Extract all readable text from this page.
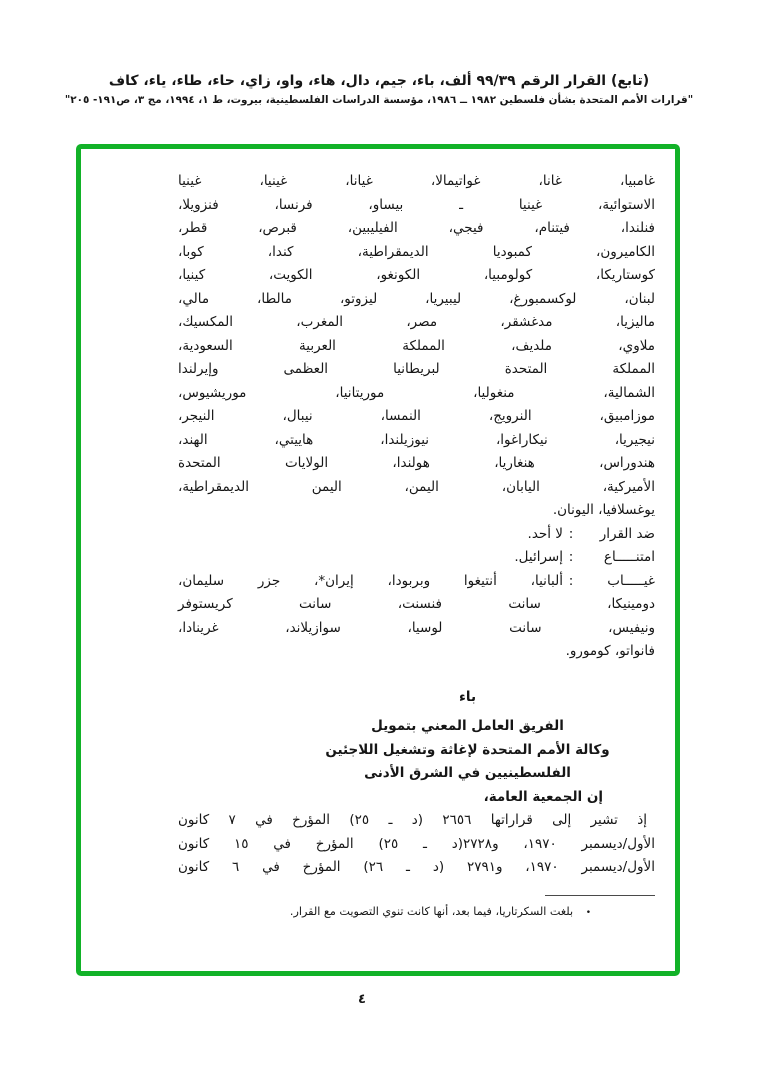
(تابع) القرار الرقم ٩٩/٣٩ ألف، باء، جيم، دال، هاء، واو، زاي، حاء، طاء، ياء، كاف
"قرارات الأمم المتحدة بشأن فلسطين ١٩٨٢ ــ ١٩٨٦، مؤسسة الدراسات الفلسطينية، بيروت، ط ١، ١٩٩٤، مج ٣، ص١٩١- ٢٠٥"
غامبيا، غانا، غواتيمالا، غيانا، غينيا، غينيا
الاستوائية، غينيا ـ بيساو، فرنسا، فنزويلا،
فنلندا، فيتنام، فيجي، الفيليبين، قبرص، قطر،
الكاميرون، كمبوديا الديمقراطية، كندا، كوبا،
كوستاريكا، كولومبيا، الكونغو، الكويت، كينيا،
لبنان، لوكسمبورغ، ليبيريا، ليزوتو، مالطا، مالي،
ماليزيا، مدغشقر، مصر، المغرب، المكسيك،
ملاوي، ملديف، المملكة العربية السعودية،
المملكة المتحدة لبريطانيا العظمى وإيرلندا
الشمالية، منغوليا، موريتانيا، موريشيوس،
موزامبيق، النرويج، النمسا، نيبال، النيجر،
نيجيريا، نيكاراغوا، نيوزيلندا، هاييتي، الهند،
هندوراس، هنغاريا، هولندا، الولايات المتحدة
الأميركية، اليابان، اليمن، اليمن الديمقراطية،
يوغسلافيا، اليونان.
ضد القرار
:
لا أحد.
امتنـــــاع
:
إسرائيل.
غيـــــاب
:
ألبانيا، أنتيغوا وبربودا، إيران*، جزر سليمان،
دومينيكا، سانت فنسنت، سانت كريستوفر
ونيفيس، سانت لوسيا، سوازيلاند، غرينادا،
فانواتو، كومورو.
باء
الفريق العامل المعني بتمويل
وكالة الأمم المتحدة لإغاثة وتشغيل اللاجئين
الفلسطينيين في الشرق الأدنى
إن الجمعية العامة،
إذ تشير إلى قراراتها ٢٦٥٦ (د ـ ٢٥) المؤرخ في ٧ كانون
الأول/ديسمبر ١٩٧٠، و٢٧٢٨(د ـ ٢٥) المؤرخ في ١٥ كانون
الأول/ديسمبر ١٩٧٠، و٢٧٩١ (د ـ ٢٦) المؤرخ في ٦ كانون
• بلغت السكرتاريا، فيما بعد، أنها كانت تنوي التصويت مع القرار.
٤
